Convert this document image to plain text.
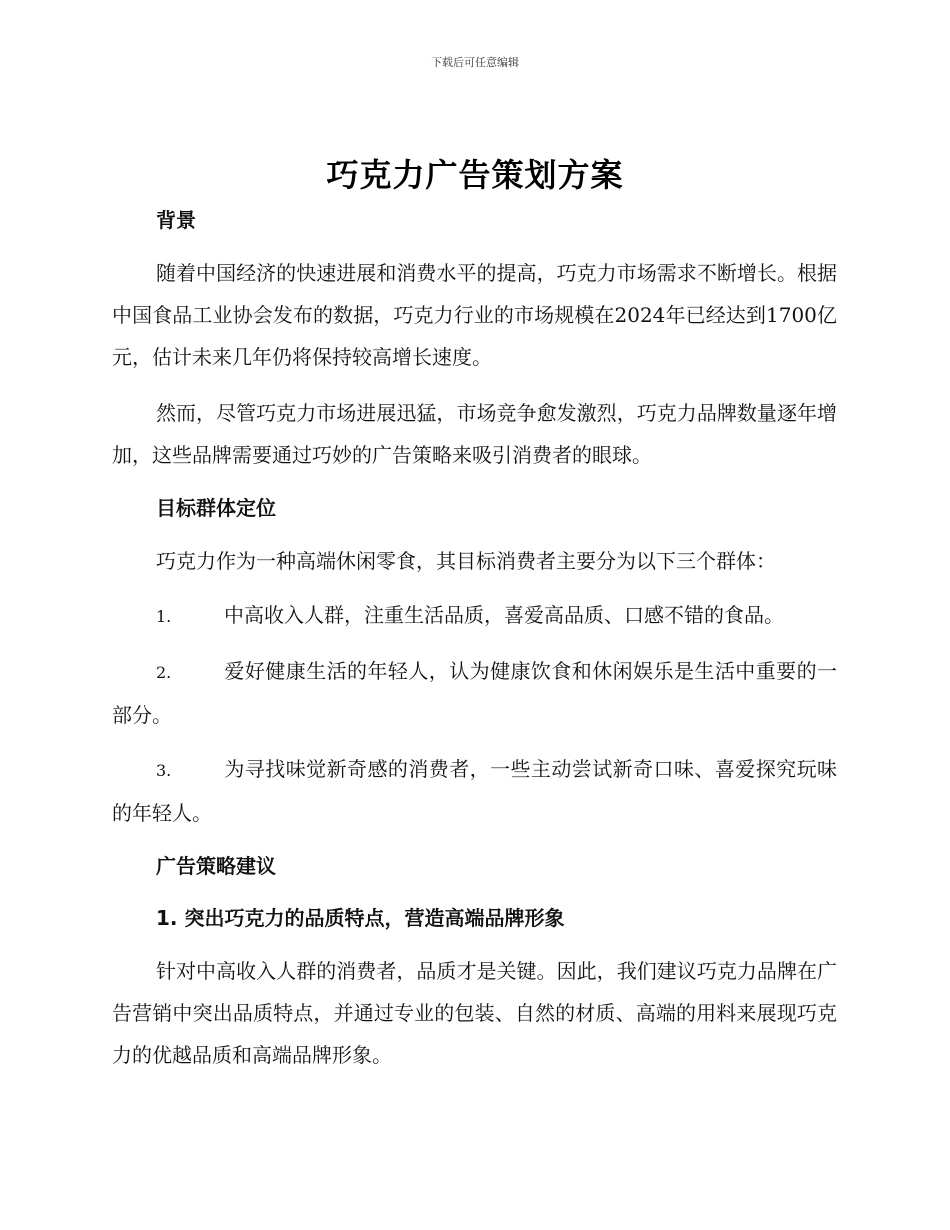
下载后可任意编辑
巧克力广告策划方案

背景

随着中国经济的快速进展和消费水平的提高，巧克力市场需求不断增长。根据中国食品工业协会发布的数据，巧克力行业的市场规模在2024年已经达到1700亿元，估计未来几年仍将保持较高增长速度。

然而，尽管巧克力市场进展迅猛，市场竞争愈发激烈，巧克力品牌数量逐年增加，这些品牌需要通过巧妙的广告策略来吸引消费者的眼球。

目标群体定位

巧克力作为一种高端休闲零食，其目标消费者主要分为以下三个群体：

1.	中高收入人群，注重生活品质，喜爱高品质、口感不错的食品。

2.	爱好健康生活的年轻人，认为健康饮食和休闲娱乐是生活中重要的一部分。

3.	为寻找味觉新奇感的消费者，一些主动尝试新奇口味、喜爱探究玩味的年轻人。

广告策略建议

1. 突出巧克力的品质特点，营造高端品牌形象

针对中高收入人群的消费者，品质才是关键。因此，我们建议巧克力品牌在广告营销中突出品质特点，并通过专业的包装、自然的材质、高端的用料来展现巧克力的优越品质和高端品牌形象。
